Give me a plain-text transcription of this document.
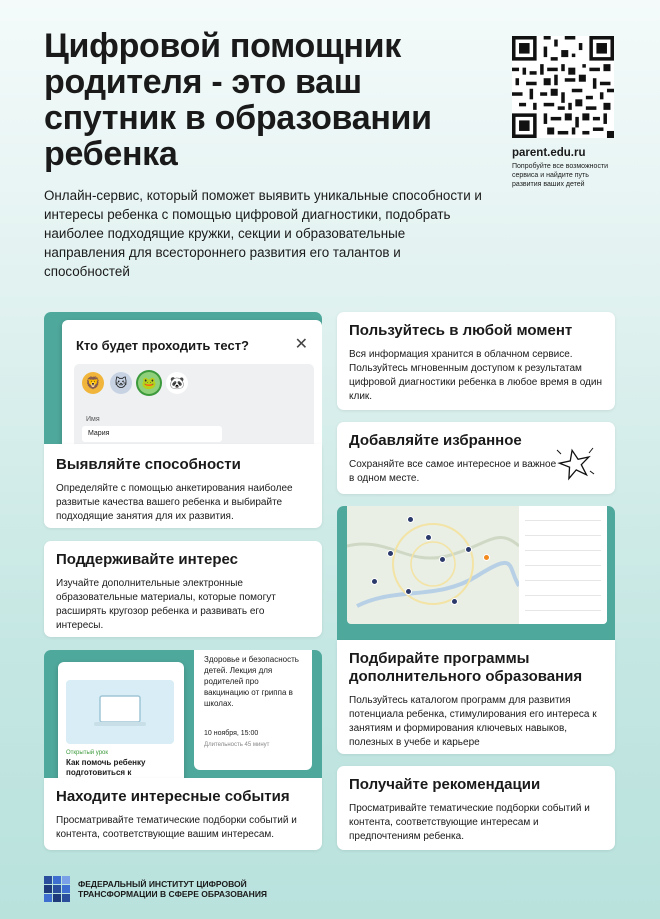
Цифровой помощник родителя - это ваш спутник в образовании ребенка
Онлайн-сервис, который поможет выявить уникальные способности и интересы ребенка с помощью цифровой диагностики, подобрать наиболее подходящие кружки, секции и образовательные направления для всестороннего развития его талантов и способностей
parent.edu.ru
Попробуйте все возможности сервиса и найдите путь развития ваших детей
Кто будет проходить тест?	✕
🦁	🐱	🐸 🐼
Имя
Мария
Выявляйте способности

Определяйте с помощью анкетирования наиболее развитые качества вашего ребенка и выбирайте подходящие занятия для их развития.

Поддерживайте интерес

Изучайте дополнительные электронные образовательные материалы, которые помогут расширять кругозор ребенка и развивать его интересы.

Открытый урок
Как помочь ребенку подготовиться к
Здоровье и безопасность детей. Лекция для родителей про вакцинацию от гриппа в школах.
10 ноября, 15:00
Длительность 45 минут
Находите интересные события

Просматривайте тематические подборки событий и контента, соответствующие вашим интересам.

Пользуйтесь в любой момент

Вся информация хранится в облачном сервисе. Пользуйтесь мгновенным доступом к результатам цифровой диагностики ребенка в любое время в один клик.

Добавляйте избранное

Сохраняйте все самое интересное и важное в одном месте.

Подбирайте программы дополнительного образования

Пользуйтесь каталогом программ для развития потенциала ребенка, стимулирования его интереса к занятиям и формирования ключевых навыков, полезных в учебе и карьере

Получайте рекомендации

Просматривайте тематические подборки событий и контента, соответствующие интересам и предпочтениям ребенка.

ФЕДЕРАЛЬНЫЙ ИНСТИТУТ ЦИФРОВОЙ ТРАНСФОРМАЦИИ В СФЕРЕ ОБРАЗОВАНИЯ
